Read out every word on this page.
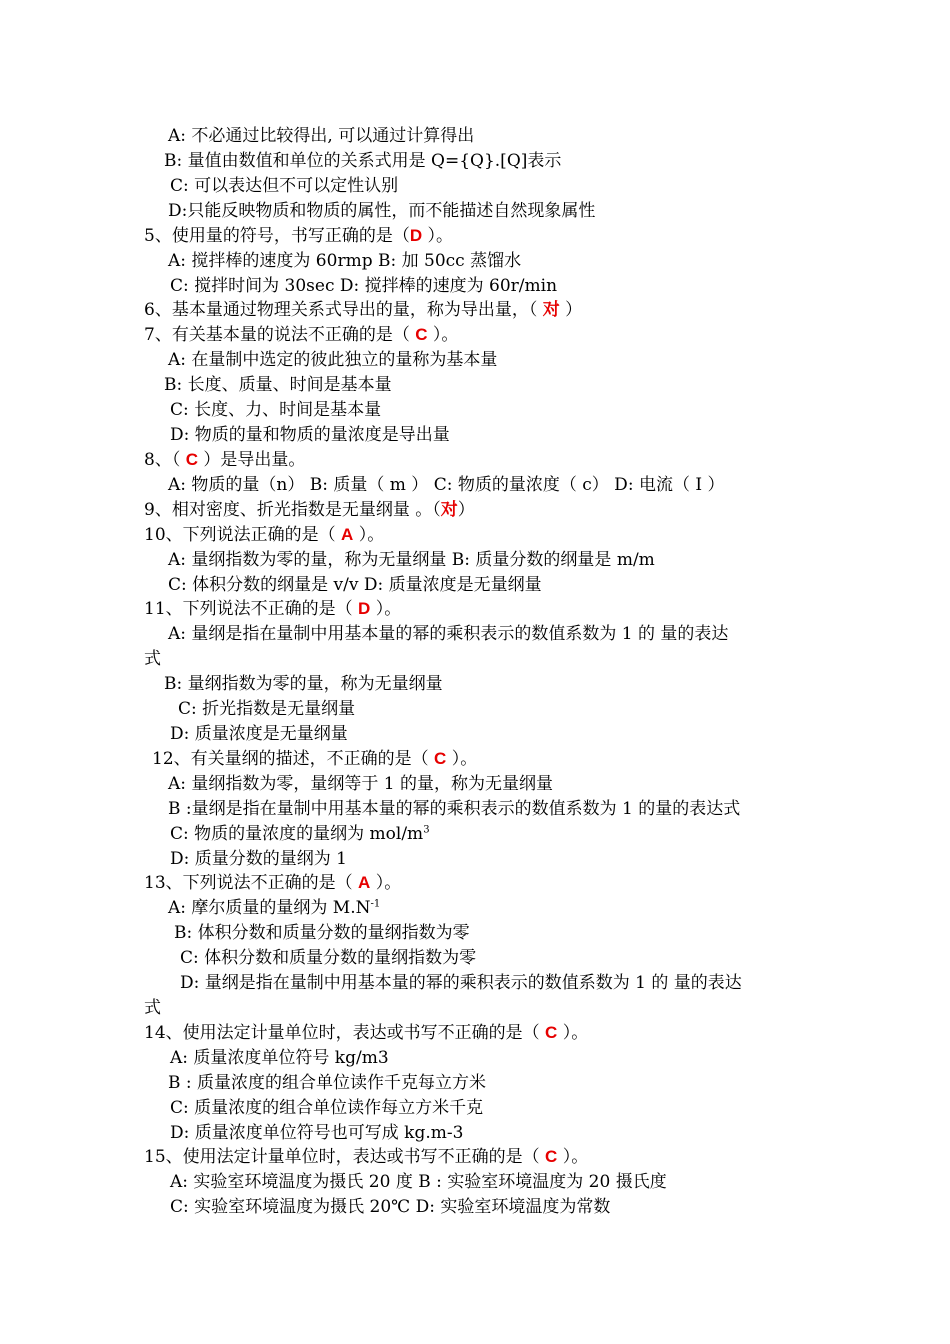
A: 不必通过比较得出, 可以通过计算得出
B: 量值由数值和单位的关系式用是 Q={Q}.[Q]表示
C: 可以表达但不可以定性认别
D:只能反映物质和物质的属性，而不能描述自然现象属性
5、使用量的符号，书写正确的是（D ）。
A: 搅拌棒的速度为 60rmp B: 加 50cc 蒸馏水
C: 搅拌时间为 30sec D: 搅拌棒的速度为 60r/min
6、基本量通过物理关系式导出的量，称为导出量，（ 对 ）
7、有关基本量的说法不正确的是（ C ）。
A: 在量制中选定的彼此独立的量称为基本量
B: 长度、质量、时间是基本量
C: 长度、力、时间是基本量
D: 物质的量和物质的量浓度是导出量
8、（ C ）是导出量。
A: 物质的量（n） B: 质量（ m ） C: 物质的量浓度（ c） D: 电流（ I ）
9、相对密度、折光指数是无量纲量 。（对）
10、下列说法正确的是（ A ）。
A: 量纲指数为零的量，称为无量纲量 B: 质量分数的纲量是 m/m
C: 体积分数的纲量是 v/v D: 质量浓度是无量纲量
11、下列说法不正确的是（ D ）。
A: 量纲是指在量制中用基本量的幂的乘积表示的数值系数为 1 的 量的表达
式
B: 量纲指数为零的量，称为无量纲量
C: 折光指数是无量纲量
D: 质量浓度是无量纲量
12、有关量纲的描述，不正确的是（ C ）。
A: 量纲指数为零，量纲等于 1 的量，称为无量纲量
B :量纲是指在量制中用基本量的幂的乘积表示的数值系数为 1 的量的表达式
C: 物质的量浓度的量纲为 mol/$m^3$
D: 质量分数的量纲为 1
13、下列说法不正确的是（ A ）。
A: 摩尔质量的量纲为 $M.N^{-1}$
B: 体积分数和质量分数的量纲指数为零
C: 体积分数和质量分数的量纲指数为零
D: 量纲是指在量制中用基本量的幂的乘积表示的数值系数为 1 的 量的表达
式
14、使用法定计量单位时，表达或书写不正确的是（ C ）。
A: 质量浓度单位符号 kg/m3
B : 质量浓度的组合单位读作千克每立方米
C: 质量浓度的组合单位读作每立方米千克
D: 质量浓度单位符号也可写成 kg.m-3
15、使用法定计量单位时，表达或书写不正确的是（ C ）。
A: 实验室环境温度为摄氏 20 度 B : 实验室环境温度为 20 摄氏度
C: 实验室环境温度为摄氏 20℃ D: 实验室环境温度为常数
